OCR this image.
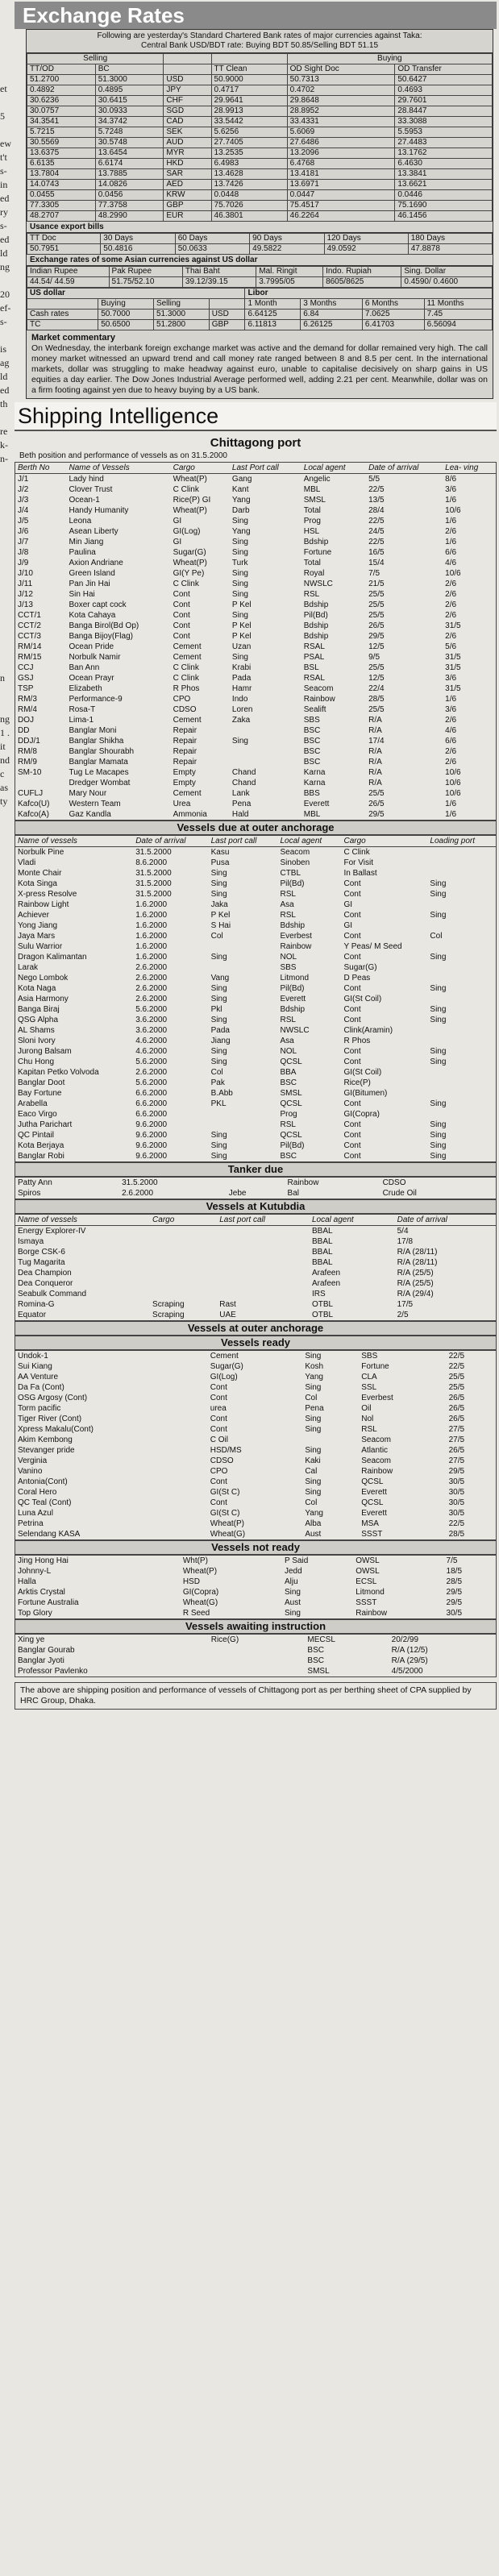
et

5

ew
t't
s-
in
ed
ry
s-
ed
ld
ng

20
ef-
s-

is
ag
ld
ed
th

re
k-
n-

n

ng
1 .
it
nd
c
as
ty

Exchange Rates
Following are yesterday's Standard Chartered Bank rates of major currencies against Taka:
Central Bank USD/BDT rate: Buying BDT 50.85/Selling BDT 51.15
Selling				Buying	
TT/OD	BC		TT Clean	OD Sight Doc	OD Transfer
51.2700	51.3000	USD	50.9000	50.7313	50.6427
0.4892	0.4895	JPY	0.4717	0.4702	0.4693
30.6236	30.6415	CHF	29.9641	29.8648	29.7601
30.0757	30.0933	SGD	28.9913	28.8952	28.8447
34.3541	34.3742	CAD	33.5442	33.4331	33.3088
5.7215	5.7248	SEK	5.6256	5.6069	5.5953
30.5569	30.5748	AUD	27.7405	27.6486	27.4483
13.6375	13.6454	MYR	13.2535	13.2096	13.1762
6.6135	6.6174	HKD	6.4983	6.4768	6.4630
13.7804	13.7885	SAR	13.4628	13.4181	13.3841
14.0743	14.0826	AED	13.7426	13.6971	13.6621
0.0455	0.0456	KRW	0.0448	0.0447	0.0446
77.3305	77.3758	GBP	75.7026	75.4517	75.1690
48.2707	48.2990	EUR	46.3801	46.2264	46.1456
Usance export bills
TT Doc	30 Days	60 Days	90 Days	120 Days	180 Days
50.7951	50.4816	50.0633	49.5822	49.0592	47.8878
Exchange rates of some Asian currencies against US dollar
Indian Rupee	Pak Rupee	Thai Baht	Mal. Ringit	Indo. Rupiah	Sing. Dollar
44.54/ 44.59	51.75/52.10	39.12/39.15	3.7995/05	8605/8625	0.4590/ 0.4600
US dollar				Libor			
	Buying	Selling		1 Month	3 Months	6 Months	11 Months
Cash rates	50.7000	51.3000	USD	6.64125	6.84	7.0625	7.45
TC	50.6500	51.2800	GBP	6.11813	6.26125	6.41703	6.56094
Market commentary
On Wednesday, the interbank foreign exchange market was active and the demand for dollar remained very high. The call money market witnessed an upward trend and call money rate ranged between 8 and 8.5 per cent. In the international markets, dollar was struggling to make headway against euro, unable to capitalise decisively on sharp gains in US equities a day earlier. The Dow Jones Industrial Average performed well, adding 2.21 per cent. Meanwhile, dollar was on a firm footing against yen due to heavy buying by a US bank.
Shipping Intelligence
Chittagong port
Beth position and performance of vessels as on 31.5.2000
Berth No	Name of Vessels	Cargo	Last Port call	Local agent	Date of arrival	Lea- ving
J/1	Lady hind	Wheat(P)	Gang	Angelic	5/5	8/6
J/2	Clover Trust	C Clink	Kant	MBL	22/5	3/6
J/3	Ocean-1	Rice(P) GI	Yang	SMSL	13/5	1/6
J/4	Handy Humanity	Wheat(P)	Darb	Total	28/4	10/6
J/5	Leona	GI	Sing	Prog	22/5	1/6
J/6	Asean Liberty	GI(Log)	Yang	HSL	24/5	2/6
J/7	Min Jiang	GI	Sing	Bdship	22/5	1/6
J/8	Paulina	Sugar(G)	Sing	Fortune	16/5	6/6
J/9	Axion Andriane	Wheat(P)	Turk	Total	15/4	4/6
J/10	Green Island	GI(Y Pe)	Sing	Royal	7/5	10/6
J/11	Pan Jin Hai	C Clink	Sing	NWSLC	21/5	2/6
J/12	Sin Hai	Cont	Sing	RSL	25/5	2/6
J/13	Boxer capt cock	Cont	P Kel	Bdship	25/5	2/6
CCT/1	Kota Cahaya	Cont	Sing	Pil(Bd)	25/5	2/6
CCT/2	Banga Birol(Bd Op)	Cont	P Kel	Bdship	26/5	31/5
CCT/3	Banga Bijoy(Flag)	Cont	P Kel	Bdship	29/5	2/6
RM/14	Ocean Pride	Cement	Uzan	RSAL	12/5	5/6
RM/15	Norbulk Namir	Cement	Sing	PSAL	9/5	31/5
CCJ	Ban Ann	C Clink	Krabi	BSL	25/5	31/5
GSJ	Ocean Prayr	C Clink	Pada	RSAL	12/5	3/6
TSP	Elizabeth	R Phos	Hamr	Seacom	22/4	31/5
RM/3	Performance-9	CPO	Indo	Rainbow	28/5	1/6
RM/4	Rosa-T	CDSO	Loren	Sealift	25/5	3/6
DOJ	Lima-1	Cement	Zaka	SBS	R/A	2/6
DD	Banglar Moni	Repair		BSC	R/A	4/6
DDJ/1	Banglar Shikha	Repair	Sing	BSC	17/4	6/6
RM/8	Banglar Shourabh	Repair		BSC	R/A	2/6
RM/9	Banglar Mamata	Repair		BSC	R/A	2/6
SM-10	Tug Le Macapes	Empty	Chand	Karna	R/A	10/6
	Dredger Wombat	Empty	Chand	Karna	R/A	10/6
CUFLJ	Mary Nour	Cement	Lank	BBS	25/5	10/6
Kafco(U)	Western Team	Urea	Pena	Everett	26/5	1/6
Kafco(A)	Gaz Kandla	Ammonia	Hald	MBL	29/5	1/6
Vessels due at outer anchorage
Name of vessels	Date of arrival	Last port call	Local agent	Cargo	Loading port
Norbulk Pine	31.5.2000	Kasu	Seacom	C Clink	
Vladi	8.6.2000	Pusa	Sinoben	For Visit	
Monte Chair	31.5.2000	Sing	CTBL	In Ballast	
Kota Singa	31.5.2000	Sing	Pil(Bd)	Cont	Sing
X-press Resolve	31.5.2000	Sing	RSL	Cont	Sing
Rainbow Light	1.6.2000	Jaka	Asa	GI	
Achiever	1.6.2000	P Kel	RSL	Cont	Sing
Yong Jiang	1.6.2000	S Hai	Bdship	GI	
Jaya Mars	1.6.2000	Col	Everbest	Cont	Col
Sulu Warrior	1.6.2000		Rainbow	Y Peas/ M Seed	
Dragon Kalimantan	1.6.2000	Sing	NOL	Cont	Sing
Larak	2.6.2000		SBS	Sugar(G)	
Nego Lombok	2.6.2000	Vang	Litmond	D Peas	
Kota Naga	2.6.2000	Sing	Pil(Bd)	Cont	Sing
Asia Harmony	2.6.2000	Sing	Everett	GI(St Coil)	
Banga Biraj	5.6.2000	Pkl	Bdship	Cont	Sing
QSG Alpha	3.6.2000	Sing	RSL	Cont	Sing
AL Shams	3.6.2000	Pada	NWSLC	Clink(Aramin)	
Sloni Ivory	4.6.2000	Jiang	Asa	R Phos	
Jurong Balsam	4.6.2000	Sing	NOL	Cont	Sing
Chu Hong	5.6.2000	Sing	QCSL	Cont	Sing
Kapitan Petko Volvoda	2.6.2000	Col	BBA	GI(St Coil)	
Banglar Doot	5.6.2000	Pak	BSC	Rice(P)	
Bay Fortune	6.6.2000	B.Abb	SMSL	GI(Bitumen)	
Arabella	6.6.2000	PKL	QCSL	Cont	Sing
Eaco Virgo	6.6.2000		Prog	GI(Copra)	
Jutha Parichart	9.6.2000		RSL	Cont	Sing
QC Pintail	9.6.2000	Sing	QCSL	Cont	Sing
Kota Berjaya	9.6.2000	Sing	Pil(Bd)	Cont	Sing
Banglar Robi	9.6.2000	Sing	BSC	Cont	Sing
Tanker due
Patty Ann	31.5.2000		Rainbow	CDSO	
Spiros	2.6.2000	Jebe	Bal	Crude Oil	
Vessels at Kutubdia
Name of vessels	Cargo	Last port call	Local agent	Date of arrival
Energy Explorer-IV			BBAL	5/4
Ismaya			BBAL	17/8
Borge CSK-6			BBAL	R/A (28/11)
Tug Magarita			BBAL	R/A (28/11)
Dea Champion			Arafeen	R/A (25/5)
Dea Conqueror			Arafeen	R/A (25/5)
Seabulk Command			IRS	R/A (29/4)
Romina-G	Scraping	Rast	OTBL	17/5
Equator	Scraping	UAE	OTBL	2/5
Vessels at outer anchorage
Vessels ready
Undok-1	Cement	Sing	SBS	22/5
Sui Kiang	Sugar(G)	Kosh	Fortune	22/5
AA Venture	GI(Log)	Yang	CLA	25/5
Da Fa (Cont)	Cont	Sing	SSL	25/5
OSG Argosy (Cont)	Cont	Col	Everbest	26/5
Torm pacific	urea	Pena	Oil	26/5
Tiger River (Cont)	Cont	Sing	Nol	26/5
Xpress Makalu(Cont)	Cont	Sing	RSL	27/5
Akim Kembong	C Oil		Seacom	27/5
Stevanger pride	HSD/MS	Sing	Atlantic	26/5
Verginia	CDSO	Kaki	Seacom	27/5
Vanino	CPO	Cal	Rainbow	29/5
Antonia(Cont)	Cont	Sing	QCSL	30/5
Coral Hero	GI(St C)	Sing	Everett	30/5
QC Teal (Cont)	Cont	Col	QCSL	30/5
Luna Azul	GI(St C)	Yang	Everett	30/5
Petrina	Wheat(P)	Alba	MSA	22/5
Selendang KASA	Wheat(G)	Aust	SSST	28/5
Vessels not ready
Jing Hong Hai	Wht(P)	P Said	OWSL	7/5
Johnny-L	Wheat(P)	Jedd	OWSL	18/5
Halla	HSD	Alju	ECSL	28/5
Arktis Crystal	GI(Copra)	Sing	Litmond	29/5
Fortune Australia	Wheat(G)	Aust	SSST	29/5
Top Glory	R Seed	Sing	Rainbow	30/5
Vessels awaiting instruction
Xing ye	Rice(G)		MECSL	20/2/99
Banglar Gourab			BSC	R/A (12/5)
Banglar Jyoti			BSC	R/A (29/5)
Professor Pavlenko			SMSL	4/5/2000
The above are shipping position and performance of vessels of Chittagong port as per berthing sheet of CPA supplied by HRC Group, Dhaka.
